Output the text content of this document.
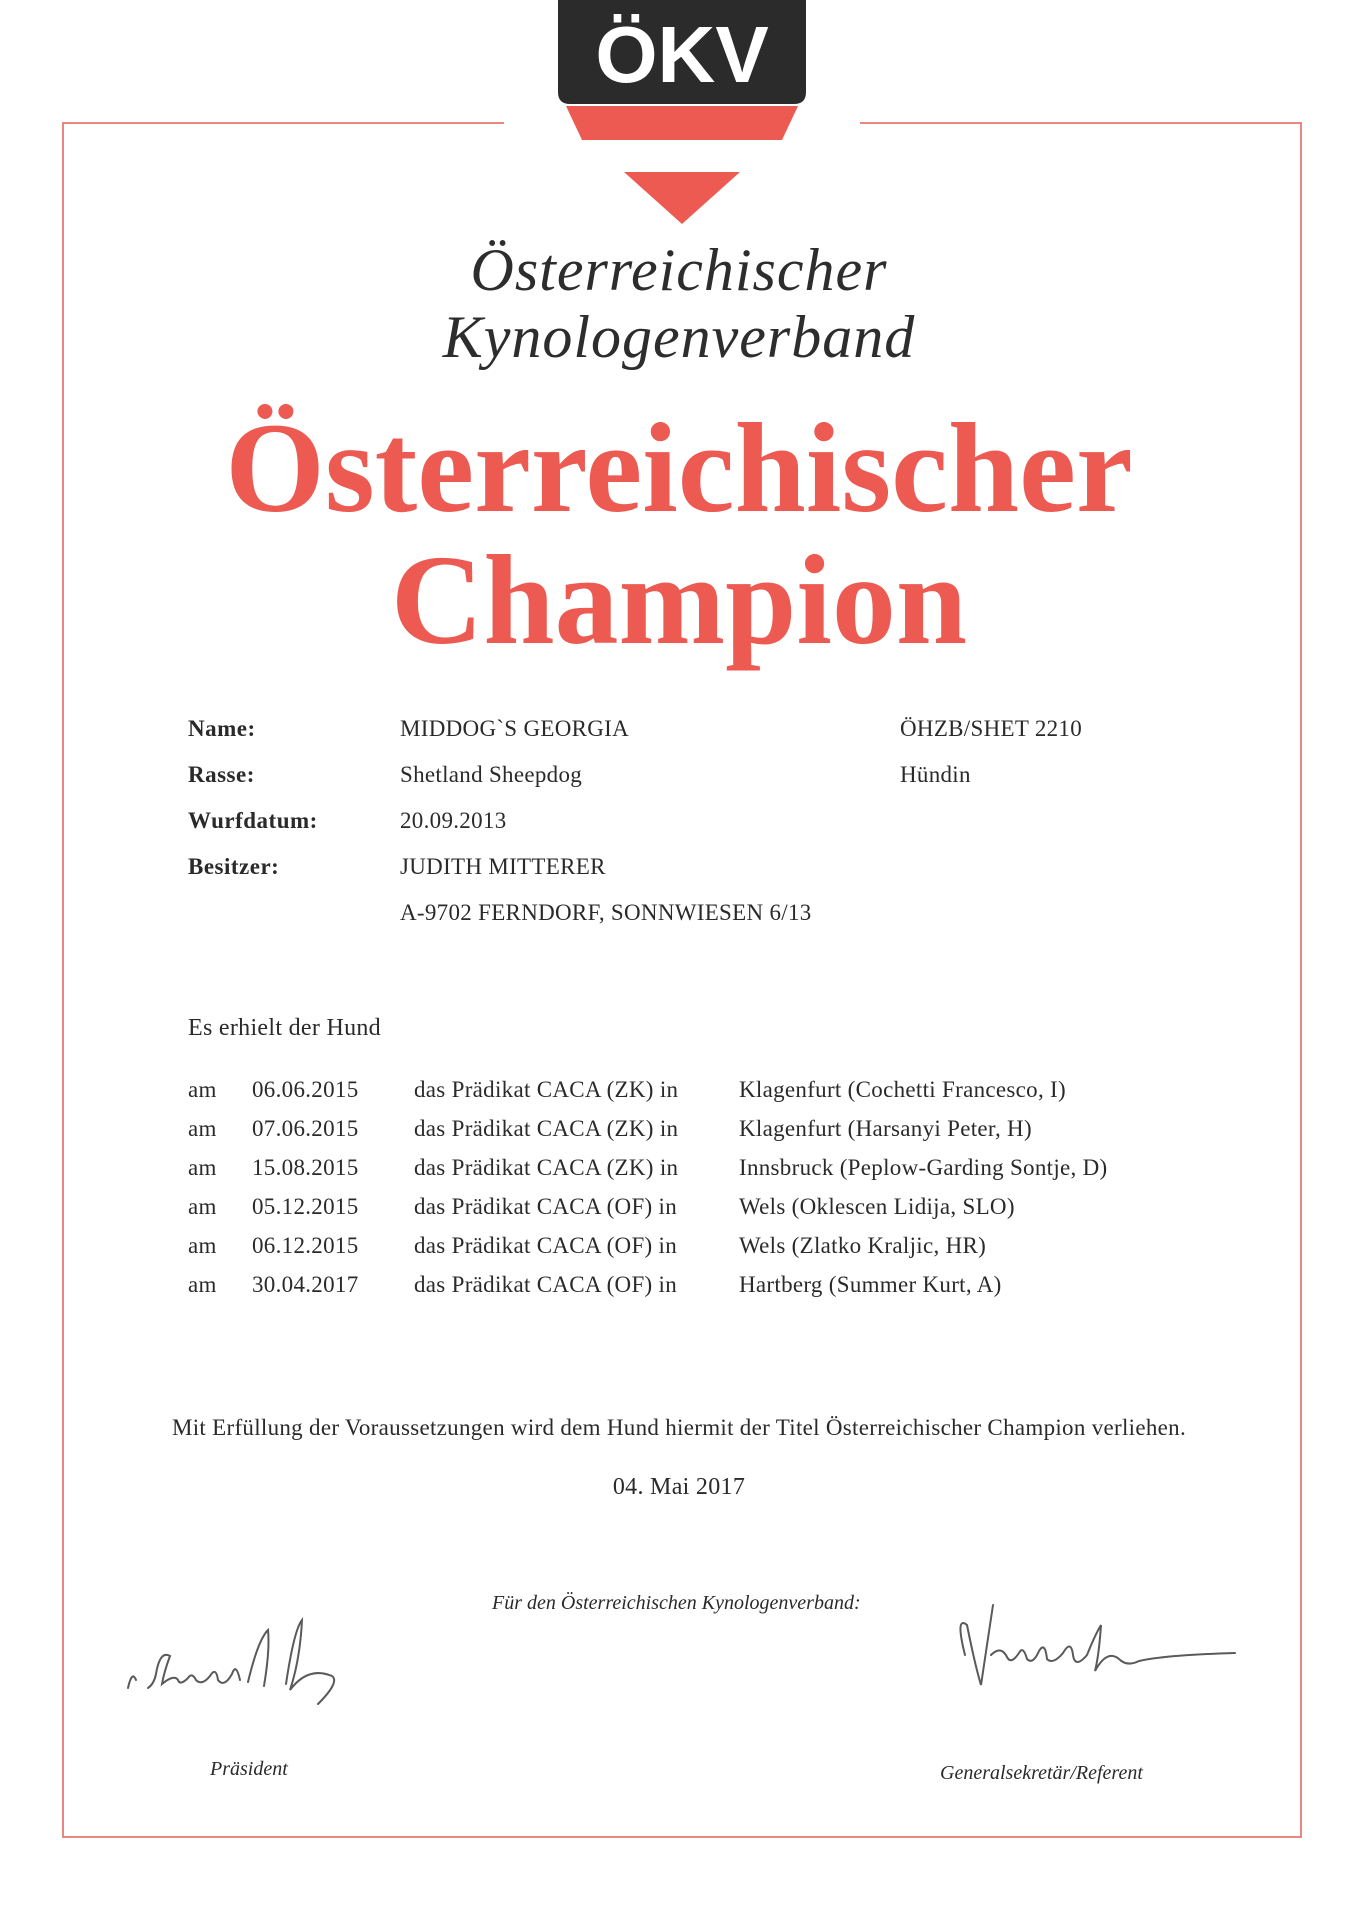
ÖKV
Österreichischer
Kynologenverband
Österreichischer
Champion
Name:	MIDDOG`S GEORGIA	ÖHZB/SHET 2210
Rasse:	Shetland Sheepdog	Hündin
Wurfdatum:	20.09.2013
Besitzer:	JUDITH MITTERER
A-9702 FERNDORF, SONNWIESEN 6/13
Es erhielt der Hund
am 06.06.2015 das Prädikat CACA (ZK) in	Klagenfurt (Cochetti Francesco, I)
am 07.06.2015 das Prädikat CACA (ZK) in	Klagenfurt (Harsanyi Peter, H)
am 15.08.2015 das Prädikat CACA (ZK) in	Innsbruck (Peplow-Garding Sontje, D)
am 05.12.2015 das Prädikat CACA (OF) in	Wels (Oklescen Lidija, SLO)
am 06.12.2015 das Prädikat CACA (OF) in	Wels (Zlatko Kraljic, HR)
am 30.04.2017 das Prädikat CACA (OF) in	Hartberg (Summer Kurt, A)
Mit Erfüllung der Voraussetzungen wird dem Hund hiermit der Titel Österreichischer Champion verliehen.
04. Mai 2017
Für den Österreichischen Kynologenverband:
Präsident	Generalsekretär/Referent
